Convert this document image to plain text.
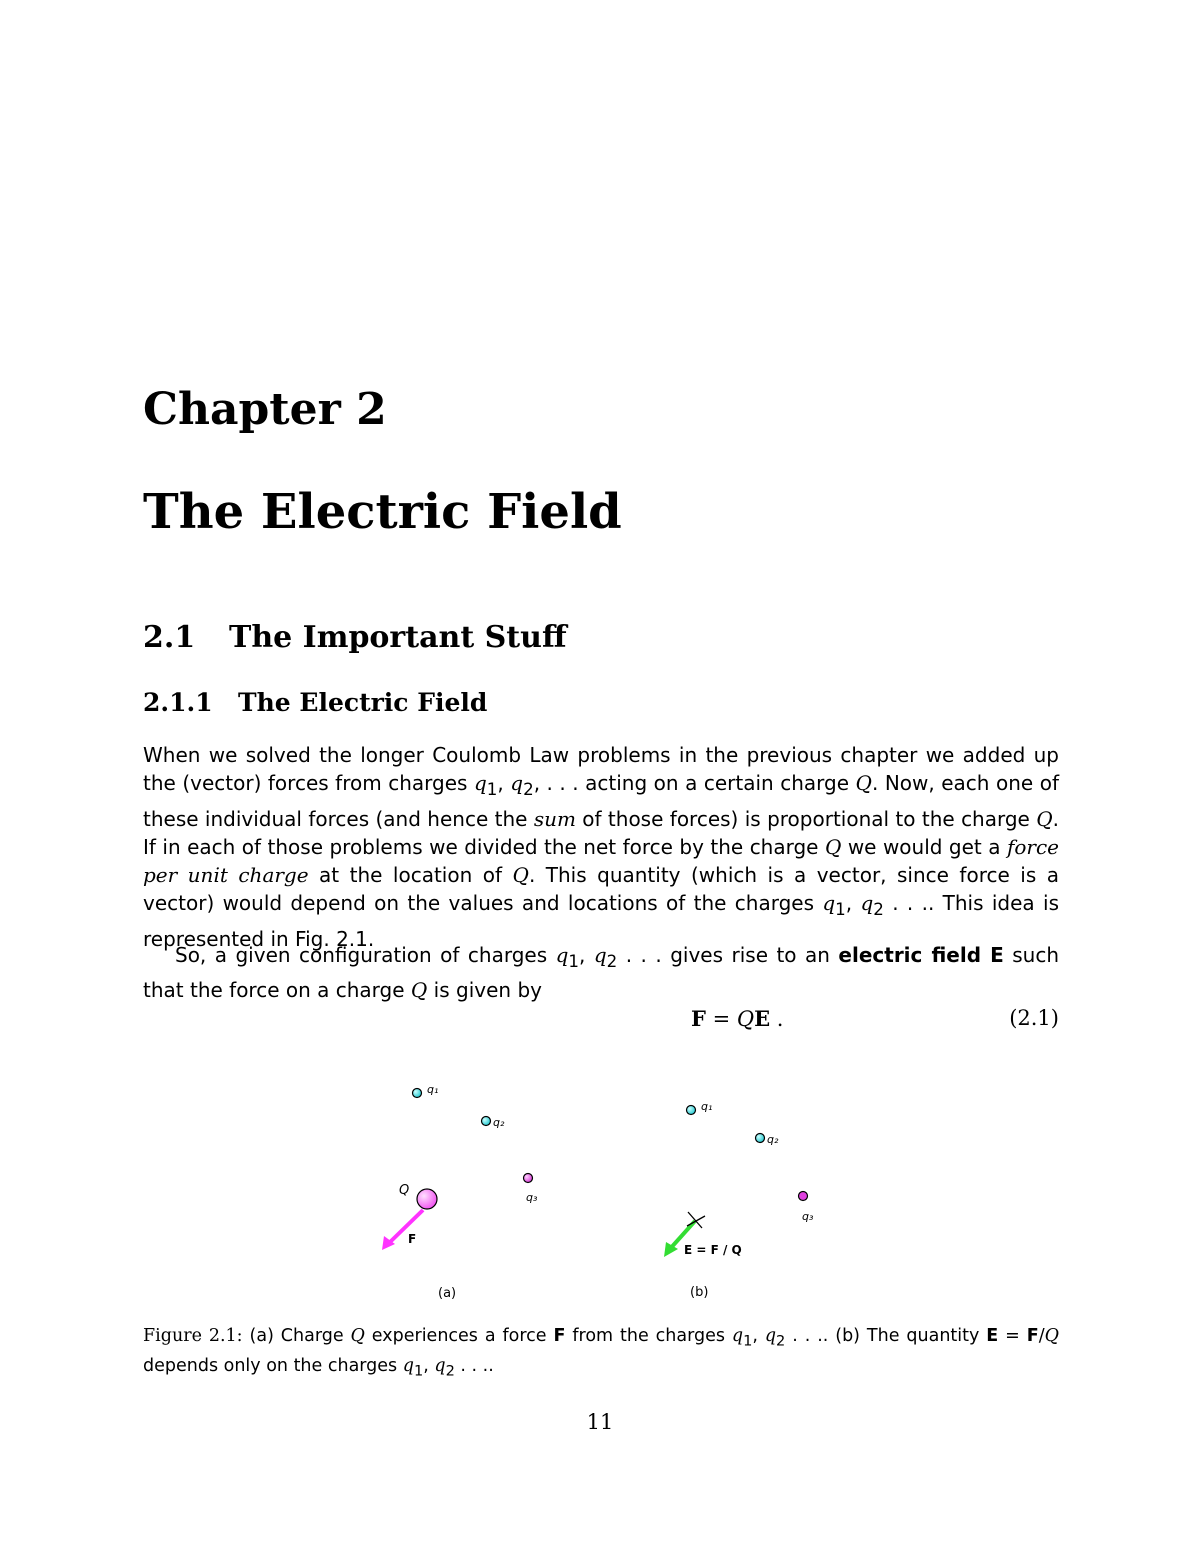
Chapter 2
The Electric Field
2.1 The Important Stuff
2.1.1 The Electric Field

When we solved the longer Coulomb Law problems in the previous chapter we added up the (vector) forces from charges $q_1$, $q_2$, . . . acting on a certain charge Q. Now, each one of these individual forces (and hence the sum of those forces) is proportional to the charge Q. If in each of those problems we divided the net force by the charge Q we would get a force per unit charge at the location of Q. This quantity (which is a vector, since force is a vector) would depend on the values and locations of the charges $q_1$, $q_2$ . . .. This idea is represented in Fig. 2.1.

So, a given configuration of charges $q_1$, $q_2$ . . . gives rise to an electric field E such that the force on a charge Q is given by

F = QE .	(2.1)
q₁
q₂
q₃
Q
F
(a)
q₁
q₂
E = F / Q
(b)
q₃

Figure 2.1: (a) Charge Q experiences a force F from the charges $q_1$, $q_2$ . . .. (b) The quantity E = F/Q depends only on the charges $q_1$, $q_2$ . . ..

11
